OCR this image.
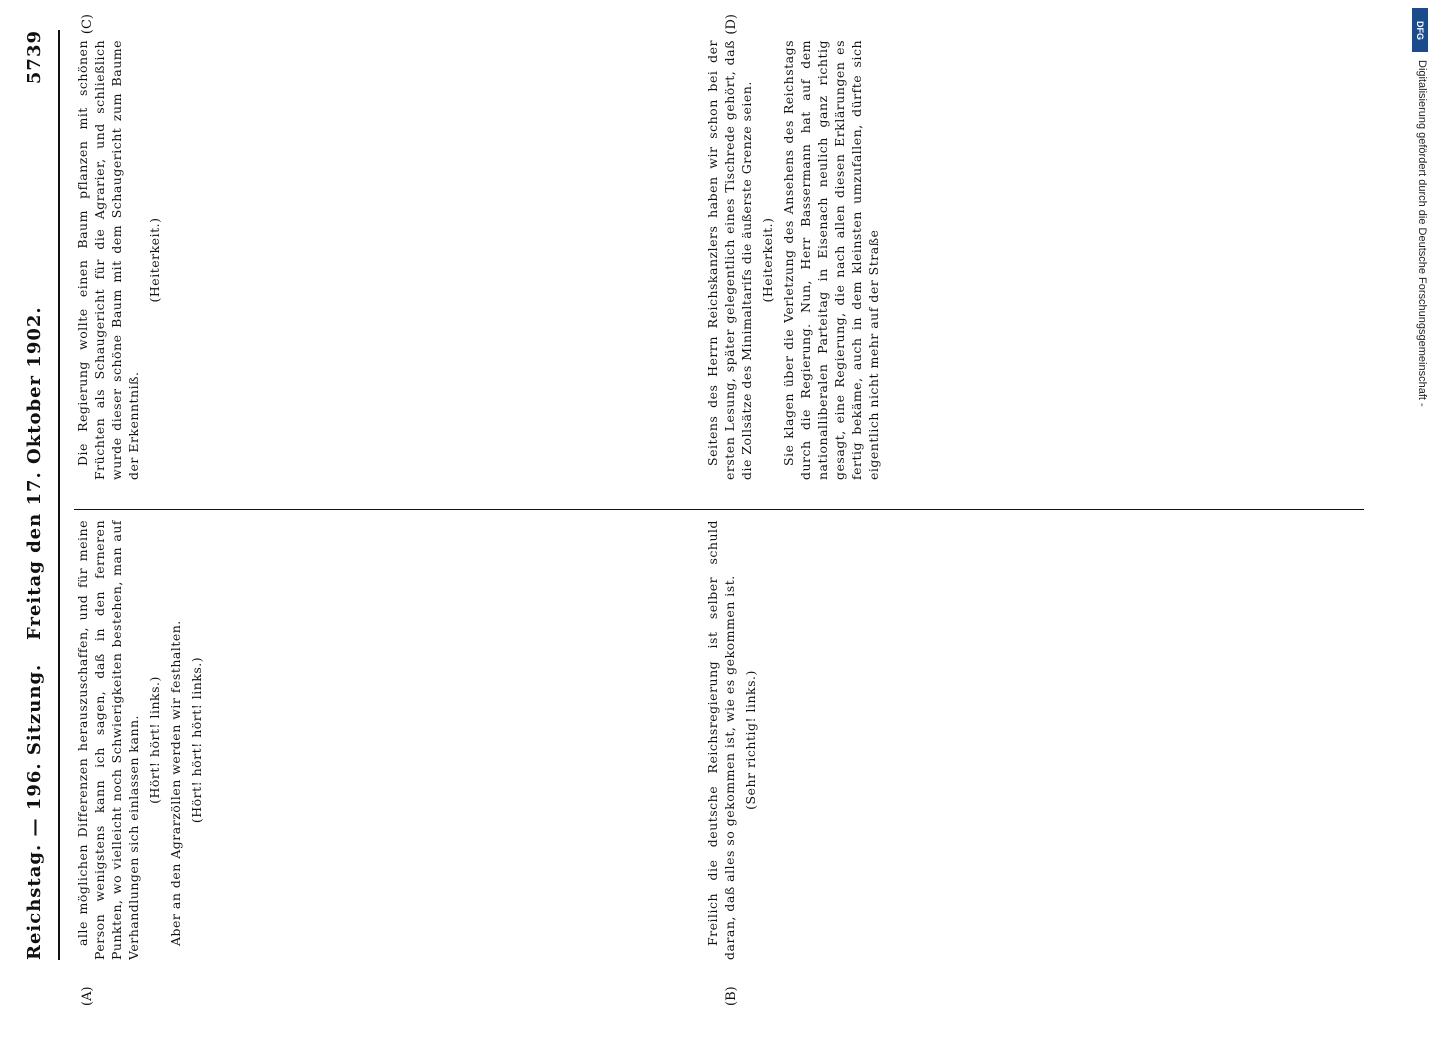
Reichstag. — 196. Sitzung.
Freitag den 17. Oktober 1902.
5739
(A)	(B)
(C)	(D)

alle möglichen Differenzen herauszuschaffen, und für meine Person wenigstens kann ich sagen, daß in den ferneren Punkten, wo vielleicht noch Schwierigkeiten bestehen, man auf Verhandlungen sich einlassen kann. (Hört! hört! links.) Aber an den Agrarzöllen werden wir festhalten. (Hört! hört! hört! links.)	Freilich die deutsche Reichsregierung ist selber schuld daran, daß alles so gekommen ist, wie es gekommen ist. (Sehr richtig! links.)

Die Regierung wollte einen Baum pflanzen mit schönen Früchten als Schaugericht für die Agrarier, und schließlich wurde dieser schöne Baum mit dem Schaugericht zum Baume der Erkenntniß.

(Heiterkeit.)	Seitens des Herrn Reichskanzlers haben wir schon bei der ersten Lesung, später gelegentlich eines Tischrede gehört, daß die Zollsätze des Minimaltarifs die äußerste Grenze seien. (Heiterkeit.) Sie klagen über die Verletzung des Ansehens des Reichstags durch die Regierung. Nun, Herr Bassermann hat auf dem nationalliberalen Parteitag in Eisenach neulich ganz richtig gesagt, eine Regierung, die nach allen diesen Erklärungen es fertig bekäme, auch in dem kleinsten umzufallen, dürfte sich eigentlich nicht mehr auf der Straße

DFG
Digitalisierung gefördert durch die Deutsche Forschungsgemeinschaft -
